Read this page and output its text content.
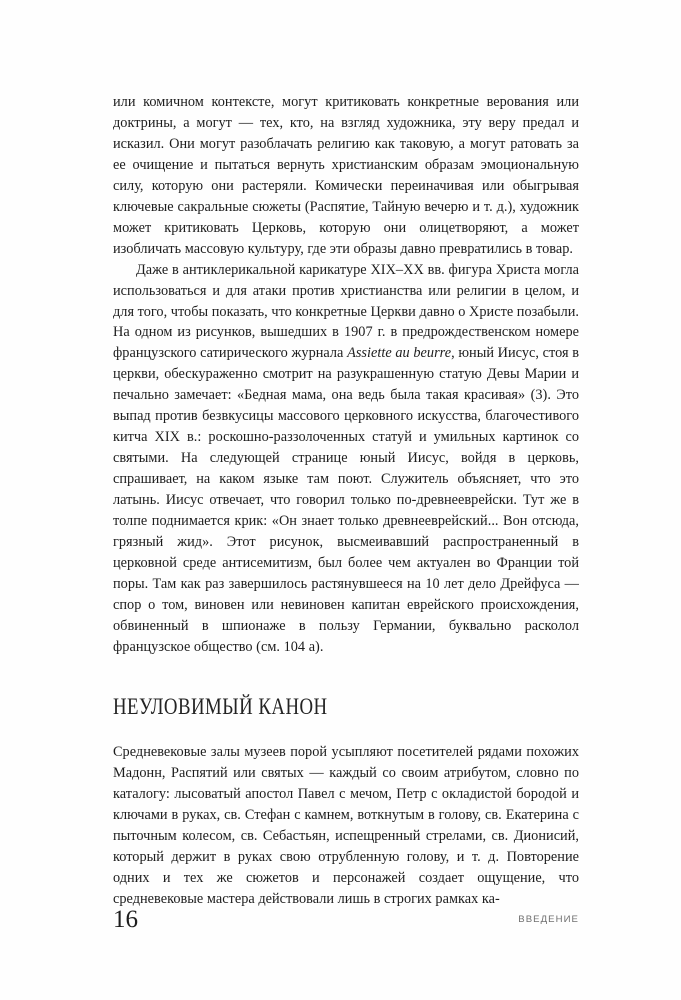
или комичном контексте, могут критиковать конкретные верования или доктрины, а могут — тех, кто, на взгляд художника, эту веру предал и исказил. Они могут разоблачать религию как таковую, а могут ратовать за ее очищение и пытаться вернуть христианским образам эмоциональную силу, которую они растеряли. Комически переиначивая или обыгрывая ключевые сакральные сюжеты (Распятие, Тайную вечерю и т. д.), художник может критиковать Церковь, которую они олицетворяют, а может изобличать массовую культуру, где эти образы давно превратились в товар.

Даже в антиклерикальной карикатуре XIX–XX вв. фигура Христа могла использоваться и для атаки против христианства или религии в целом, и для того, чтобы показать, что конкретные Церкви давно о Христе позабыли. На одном из рисунков, вышедших в 1907 г. в предрождественском номере французского сатирического журнала Assiette au beurre, юный Иисус, стоя в церкви, обескураженно смотрит на разукрашенную статую Девы Марии и печально замечает: «Бедная мама, она ведь была такая красивая» (3). Это выпад против безвкусицы массового церковного искусства, благочестивого китча XIX в.: роскошно-раззолоченных статуй и умильных картинок со святыми. На следующей странице юный Иисус, войдя в церковь, спрашивает, на каком языке там поют. Служитель объясняет, что это латынь. Иисус отвечает, что говорил только по-древнееврейски. Тут же в толпе поднимается крик: «Он знает только древнееврейский... Вон отсюда, грязный жид». Этот рисунок, высмеивавший распространенный в церковной среде антисемитизм, был более чем актуален во Франции той поры. Там как раз завершилось растянувшееся на 10 лет дело Дрейфуса — спор о том, виновен или невиновен капитан еврейского происхождения, обвиненный в шпионаже в пользу Германии, буквально расколол французское общество (см. 104 а).

НЕУЛОВИМЫЙ КАНОН

Средневековые залы музеев порой усыпляют посетителей рядами похожих Мадонн, Распятий или святых — каждый со своим атрибутом, словно по каталогу: лысоватый апостол Павел с мечом, Петр с окладистой бородой и ключами в руках, св. Стефан с камнем, воткнутым в голову, св. Екатерина с пыточным колесом, св. Себастьян, испещренный стрелами, св. Дионисий, который держит в руках свою отрубленную голову, и т. д. Повторение одних и тех же сюжетов и персонажей создает ощущение, что средневековые мастера действовали лишь в строгих рамках ка-

16	ВВЕДЕНИЕ
